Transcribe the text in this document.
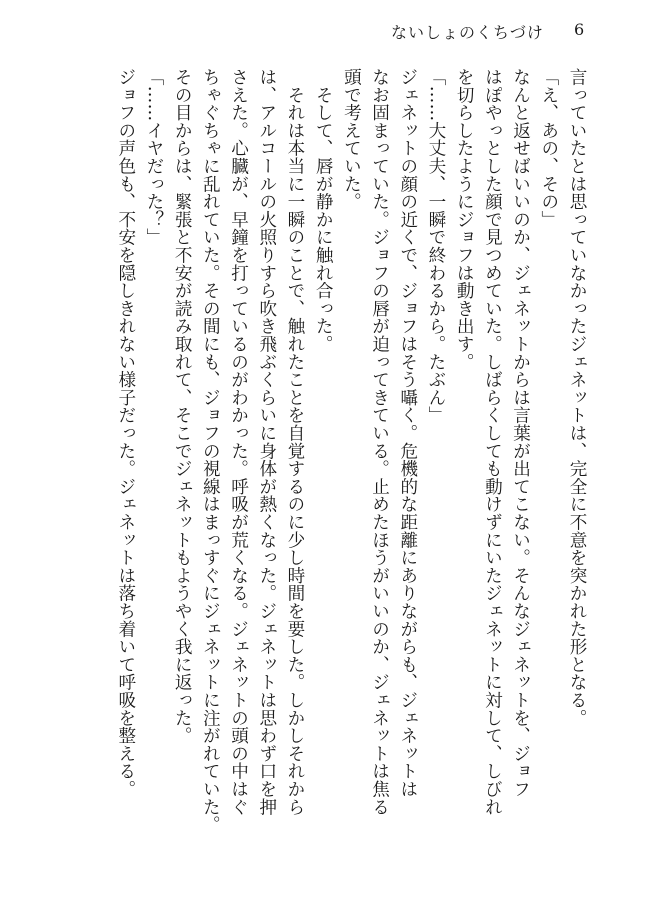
ないしょのくちづけ 6
言っていたとは思っていなかったジェネットは、完全に不意を突かれた形となる。
「え、あの、その」
なんと返せばいいのか、ジェネットからは言葉が出てこない。そんなジェネットを、ジョフ
はぽやっとした顔で見つめていた。しばらくしても動けずにいたジェネットに対して、しびれ
を切らしたようにジョフは動き出す。
「……大丈夫、一瞬で終わるから。たぶん」
ジェネットの顔の近くで、ジョフはそう囁く。危機的な距離にありながらも、ジェネットは
なお固まっていた。ジョフの唇が迫ってきている。止めたほうがいいのか、ジェネットは焦る
頭で考えていた。
　そして、唇が静かに触れ合った。
　それは本当に一瞬のことで、触れたことを自覚するのに少し時間を要した。しかしそれから
は、アルコールの火照りすら吹き飛ぶくらいに身体が熱くなった。ジェネットは思わず口を押
さえた。心臓が、早鐘を打っているのがわかった。呼吸が荒くなる。ジェネットの頭の中はぐ
ちゃぐちゃに乱れていた。その間にも、ジョフの視線はまっすぐにジェネットに注がれていた。
その目からは、緊張と不安が読み取れて、そこでジェネットもようやく我に返った。
「……イヤだった？」
ジョフの声色も、不安を隠しきれない様子だった。ジェネットは落ち着いて呼吸を整える。
